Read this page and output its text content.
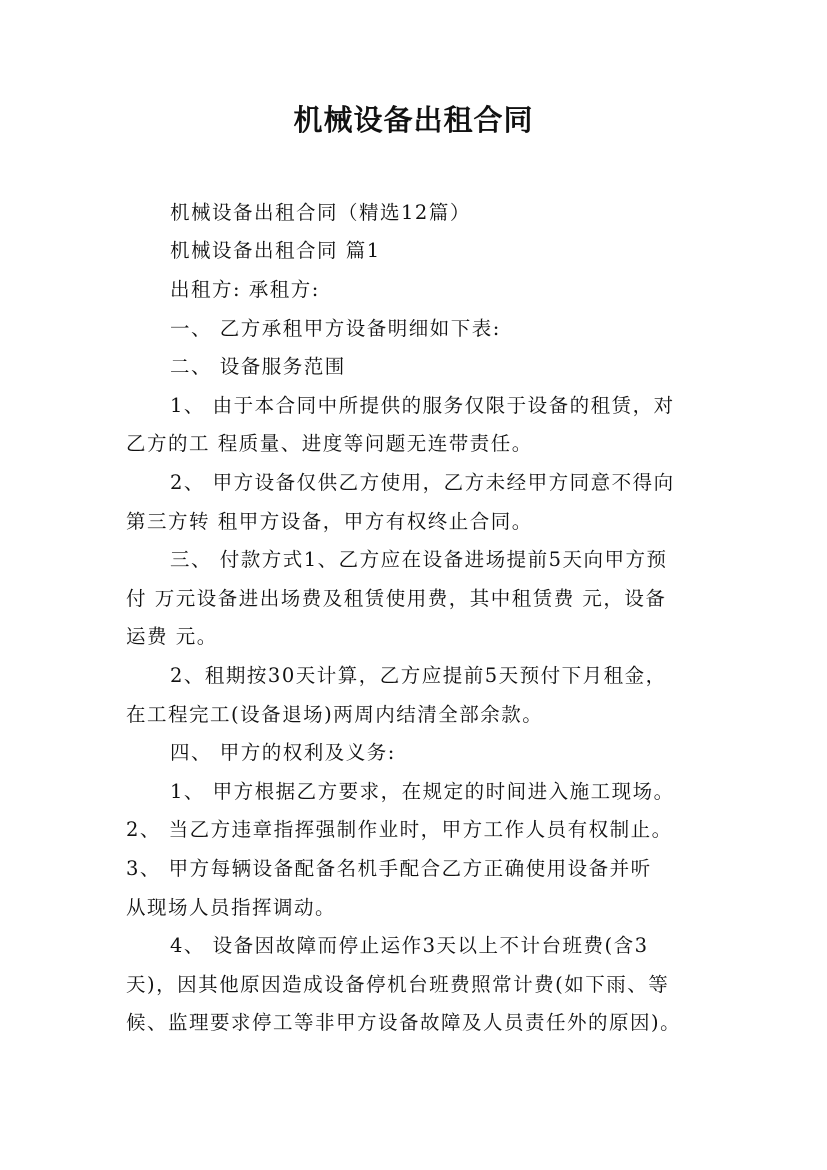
机械设备出租合同
机械设备出租合同（精选12篇）
机械设备出租合同 篇1
出租方: 承租方:
一、 乙方承租甲方设备明细如下表:
二、 设备服务范围
1、 由于本合同中所提供的服务仅限于设备的租赁，对
乙方的工 程质量、进度等问题无连带责任。
2、 甲方设备仅供乙方使用，乙方未经甲方同意不得向
第三方转 租甲方设备，甲方有权终止合同。
三、 付款方式1、乙方应在设备进场提前5天向甲方预
付 万元设备进出场费及租赁使用费，其中租赁费 元，设备
运费 元。
2、租期按30天计算，乙方应提前5天预付下月租金，
在工程完工(设备退场)两周内结清全部余款。
四、 甲方的权利及义务:
1、 甲方根据乙方要求，在规定的时间进入施工现场。
2、 当乙方违章指挥强制作业时，甲方工作人员有权制止。
3、 甲方每辆设备配备名机手配合乙方正确使用设备并听
从现场人员指挥调动。
4、 设备因故障而停止运作3天以上不计台班费(含3
天)，因其他原因造成设备停机台班费照常计费(如下雨、等
候、监理要求停工等非甲方设备故障及人员责任外的原因)。
